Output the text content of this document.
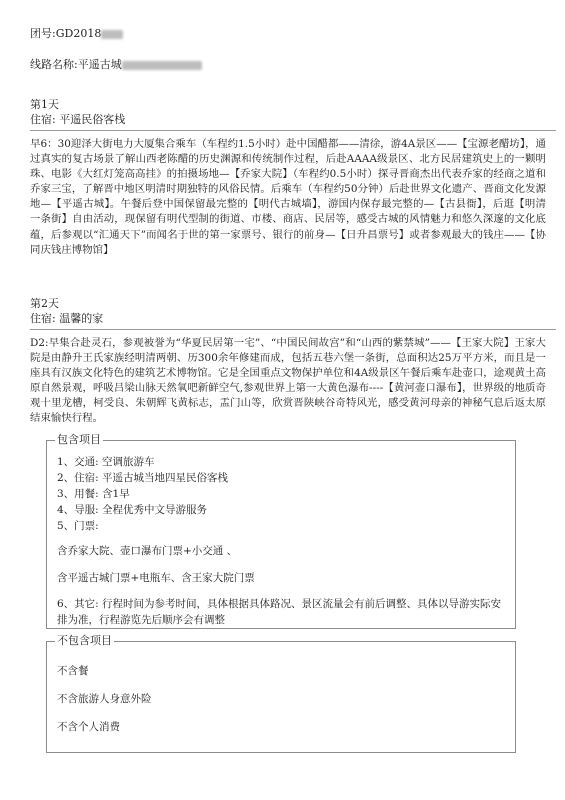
团号:GD2018
线路名称:平遥古城
第1天
住宿: 平遥民俗客栈
早6：30迎泽大街电力大厦集合乘车（车程约1.5小时）赴中国醋都——清徐，游4A景区——【宝源老醋坊】，通过真实的复古场景了解山西老陈醋的历史渊源和传统制作过程，后赴AAAA级景区、北方民居建筑史上的一颗明珠、电影《大红灯笼高高挂》的拍摄场地—【乔家大院】（车程约0.5小时）探寻晋商杰出代表乔家的经商之道和乔家三宝，了解晋中地区明清时期独特的风俗民情。后乘车（车程约50分钟）后赴世界文化遗产、晋商文化发源地—【平遥古城】。午餐后登中国保留最完整的【明代古城墙】，游国内保存最完整的—【古县衙】，后逛【明清一条街】自由活动，现保留有明代型制的街道、市楼、商店、民居等，感受古城的风情魅力和悠久深邃的文化底蕴，后参观以“汇通天下”而闻名于世的第一家票号、银行的前身—【日升昌票号】或者参观最大的钱庄——【协同庆钱庄博物馆】
第2天
住宿: 温馨的家
D2:早集合赴灵石，参观被誉为“华夏民居第一宅”、“中国民间故宫”和“山西的紫禁城”——【王家大院】王家大院是由静升王氏家族经明清两朝、历300余年修建而成，包括五巷六堡一条街，总面积达25万平方米，而且是一座具有汉族文化特色的建筑艺术博物馆。它是全国重点文物保护单位和4A级景区午餐后乘车赴壶口，途观黄土高原自然景观，呼吸吕梁山脉天然氧吧新鲜空气,参观世界上第一大黄色瀑布----【黄河壶口瀑布】，世界级的地质奇观十里龙槽，柯受良、朱朝辉飞黄标志，盂门山等，欣赏晋陕峡谷奇特风光，感受黄河母亲的神秘气息后返太原结束愉快行程。
包含项目
1、交通: 空调旅游车
2、住宿: 平遥古城当地四星民俗客栈
3、用餐: 含1早
4、导服: 全程优秀中文导游服务
5、门票:
含乔家大院、壶口瀑布门票+小交通 、
含平遥古城门票+电瓶车、含王家大院门票
6、其它: 行程时间为参考时间，具体根据具体路况、景区流量会有前后调整、具体以导游实际安排为准，行程游览先后顺序会有调整
不包含项目
不含餐
不含旅游人身意外险
不含个人消费
